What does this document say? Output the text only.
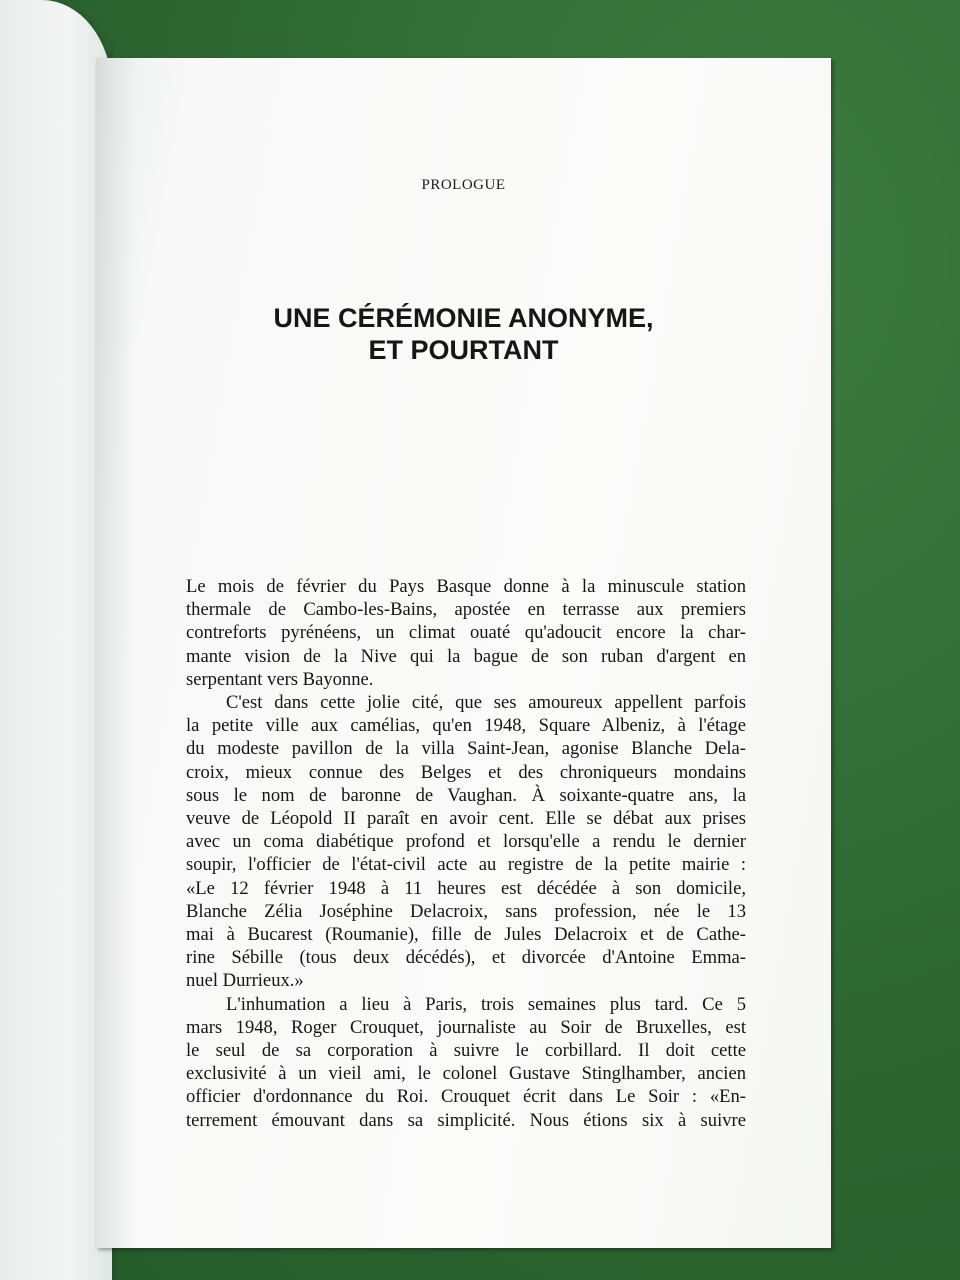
PROLOGUE
UNE CÉRÉMONIE ANONYME,
ET POURTANT
Le mois de février du Pays Basque donne à la minuscule station
thermale de Cambo-les-Bains, apostée en terrasse aux premiers
contreforts pyrénéens, un climat ouaté qu'adoucit encore la char-
mante vision de la Nive qui la bague de son ruban d'argent en
serpentant vers Bayonne.
C'est dans cette jolie cité, que ses amoureux appellent parfois
la petite ville aux camélias, qu'en 1948, Square Albeniz, à l'étage
du modeste pavillon de la villa Saint-Jean, agonise Blanche Dela-
croix, mieux connue des Belges et des chroniqueurs mondains
sous le nom de baronne de Vaughan. À soixante-quatre ans, la
veuve de Léopold II paraît en avoir cent. Elle se débat aux prises
avec un coma diabétique profond et lorsqu'elle a rendu le dernier
soupir, l'officier de l'état-civil acte au registre de la petite mairie :
«Le 12 février 1948 à 11 heures est décédée à son domicile,
Blanche Zélia Joséphine Delacroix, sans profession, née le 13
mai à Bucarest (Roumanie), fille de Jules Delacroix et de Cathe-
rine Sébille (tous deux décédés), et divorcée d'Antoine Emma-
nuel Durrieux.»
L'inhumation a lieu à Paris, trois semaines plus tard. Ce 5
mars 1948, Roger Crouquet, journaliste au Soir de Bruxelles, est
le seul de sa corporation à suivre le corbillard. Il doit cette
exclusivité à un vieil ami, le colonel Gustave Stinglhamber, ancien
officier d'ordonnance du Roi. Crouquet écrit dans Le Soir : «En-
terrement émouvant dans sa simplicité. Nous étions six à suivre
